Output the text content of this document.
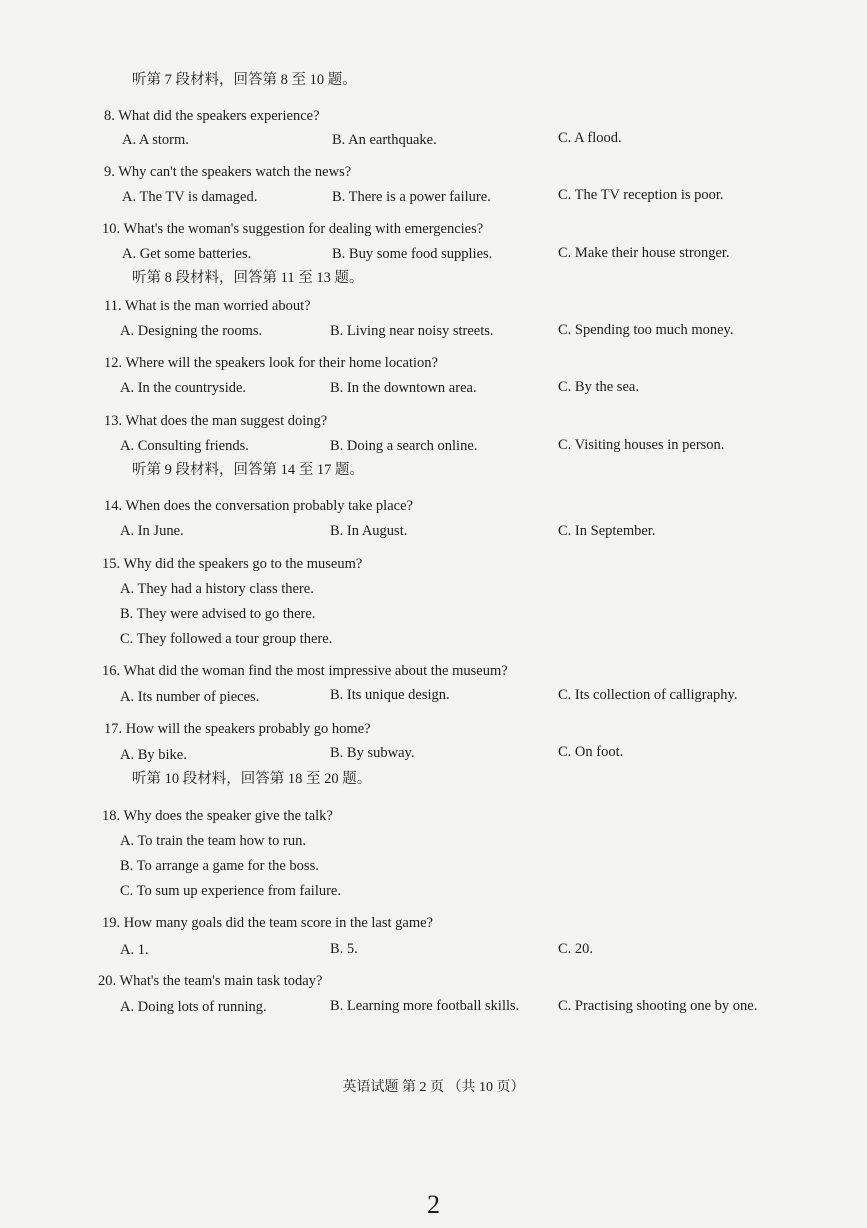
听第 7 段材料，回答第 8 至 10 题。
8. What did the speakers experience?
A. A storm.	B. An earthquake.	C. A flood.
9. Why can't the speakers watch the news?
A. The TV is damaged.	B. There is a power failure.	C. The TV reception is poor.
10. What's the woman's suggestion for dealing with emergencies?
A. Get some batteries.	B. Buy some food supplies.	C. Make their house stronger.
听第 8 段材料，回答第 11 至 13 题。
11. What is the man worried about?
A. Designing the rooms.	B. Living near noisy streets.	C. Spending too much money.
12. Where will the speakers look for their home location?
A. In the countryside.	B. In the downtown area.	C. By the sea.
13. What does the man suggest doing?
A. Consulting friends.	B. Doing a search online.	C. Visiting houses in person.
听第 9 段材料，回答第 14 至 17 题。
14. When does the conversation probably take place?
A. In June.	B. In August.	C. In September.
15. Why did the speakers go to the museum?
A. They had a history class there.
B. They were advised to go there.
C. They followed a tour group there.
16. What did the woman find the most impressive about the museum?
A. Its number of pieces.	B. Its unique design.	C. Its collection of calligraphy.
17. How will the speakers probably go home?
A. By bike.	B. By subway.	C. On foot.
听第 10 段材料，回答第 18 至 20 题。
18. Why does the speaker give the talk?
A. To train the team how to run.
B. To arrange a game for the boss.
C. To sum up experience from failure.
19. How many goals did the team score in the last game?
A. 1.	B. 5.	C. 20.
20. What's the team's main task today?
A. Doing lots of running.	B. Learning more football skills.	C. Practising shooting one by one.
英语试题 第 2 页 （共 10 页）
2
